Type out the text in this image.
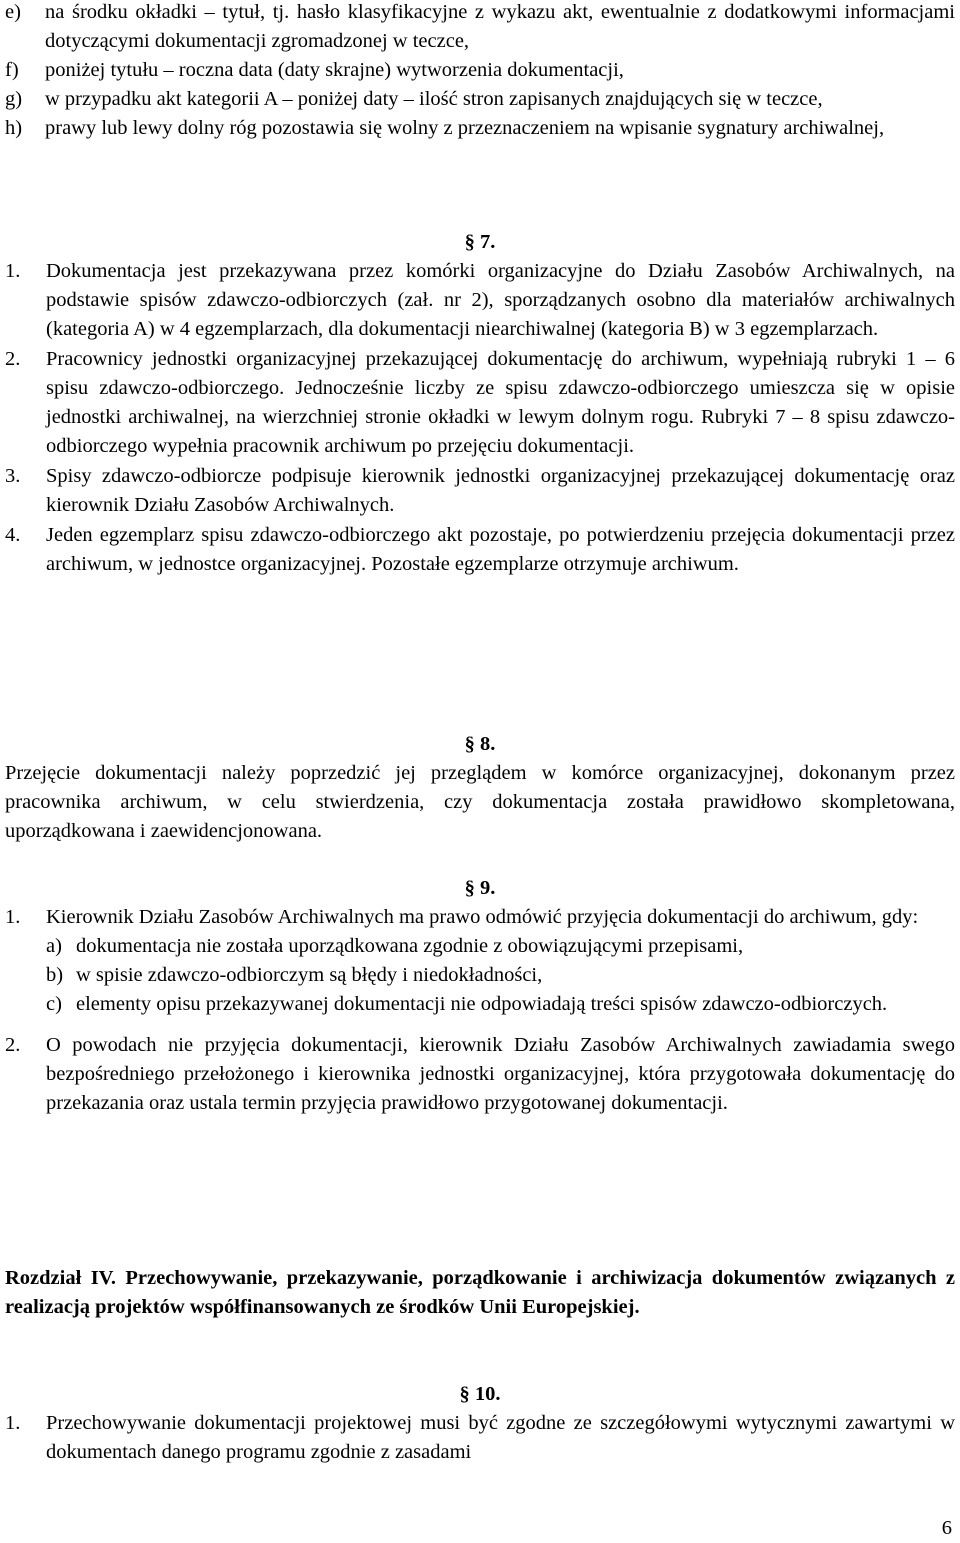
e) na środku okładki – tytuł, tj. hasło klasyfikacyjne z wykazu akt, ewentualnie z dodatkowymi informacjami dotyczącymi dokumentacji zgromadzonej w teczce,
f) poniżej tytułu – roczna data (daty skrajne) wytworzenia dokumentacji,
g) w przypadku akt kategorii A – poniżej daty – ilość stron zapisanych znajdujących się w teczce,
h) prawy lub lewy dolny róg pozostawia się wolny z przeznaczeniem na wpisanie sygnatury archiwalnej,
§ 7.
1. Dokumentacja jest przekazywana przez komórki organizacyjne do Działu Zasobów Archiwalnych, na podstawie spisów zdawczo-odbiorczych (zał. nr 2), sporządzanych osobno dla materiałów archiwalnych (kategoria A) w 4 egzemplarzach, dla dokumentacji niearchiwalnej (kategoria B) w 3 egzemplarzach.
2. Pracownicy jednostki organizacyjnej przekazującej dokumentację do archiwum, wypełniają rubryki 1 – 6 spisu zdawczo-odbiorczego. Jednocześnie liczby ze spisu zdawczo-odbiorczego umieszcza się w opisie jednostki archiwalnej, na wierzchniej stronie okładki w lewym dolnym rogu. Rubryki 7 – 8 spisu zdawczo-odbiorczego wypełnia pracownik archiwum po przejęciu dokumentacji.
3. Spisy zdawczo-odbiorcze podpisuje kierownik jednostki organizacyjnej przekazującej dokumentację oraz kierownik Działu Zasobów Archiwalnych.
4. Jeden egzemplarz spisu zdawczo-odbiorczego akt pozostaje, po potwierdzeniu przejęcia dokumentacji przez archiwum, w jednostce organizacyjnej. Pozostałe egzemplarze otrzymuje archiwum.
§ 8.
Przejęcie dokumentacji należy poprzedzić jej przeglądem w komórce organizacyjnej, dokonanym przez pracownika archiwum, w celu stwierdzenia, czy dokumentacja została prawidłowo skompletowana, uporządkowana i zaewidencjonowana.
§ 9.
1. Kierownik Działu Zasobów Archiwalnych ma prawo odmówić przyjęcia dokumentacji do archiwum, gdy:
a) dokumentacja nie została uporządkowana zgodnie z obowiązującymi przepisami,
b) w spisie zdawczo-odbiorczym są błędy i niedokładności,
c) elementy opisu przekazywanej dokumentacji nie odpowiadają treści spisów zdawczo-odbiorczych.
2. O powodach nie przyjęcia dokumentacji, kierownik Działu Zasobów Archiwalnych zawiadamia swego bezpośredniego przełożonego i kierownika jednostki organizacyjnej, która przygotowała dokumentację do przekazania oraz ustala termin przyjęcia prawidłowo przygotowanej dokumentacji.
Rozdział IV. Przechowywanie, przekazywanie, porządkowanie i archiwizacja dokumentów związanych z realizacją projektów współfinansowanych ze środków Unii Europejskiej.
§ 10.
1. Przechowywanie dokumentacji projektowej musi być zgodne ze szczegółowymi wytycznymi zawartymi w dokumentach danego programu zgodnie z zasadami
6
